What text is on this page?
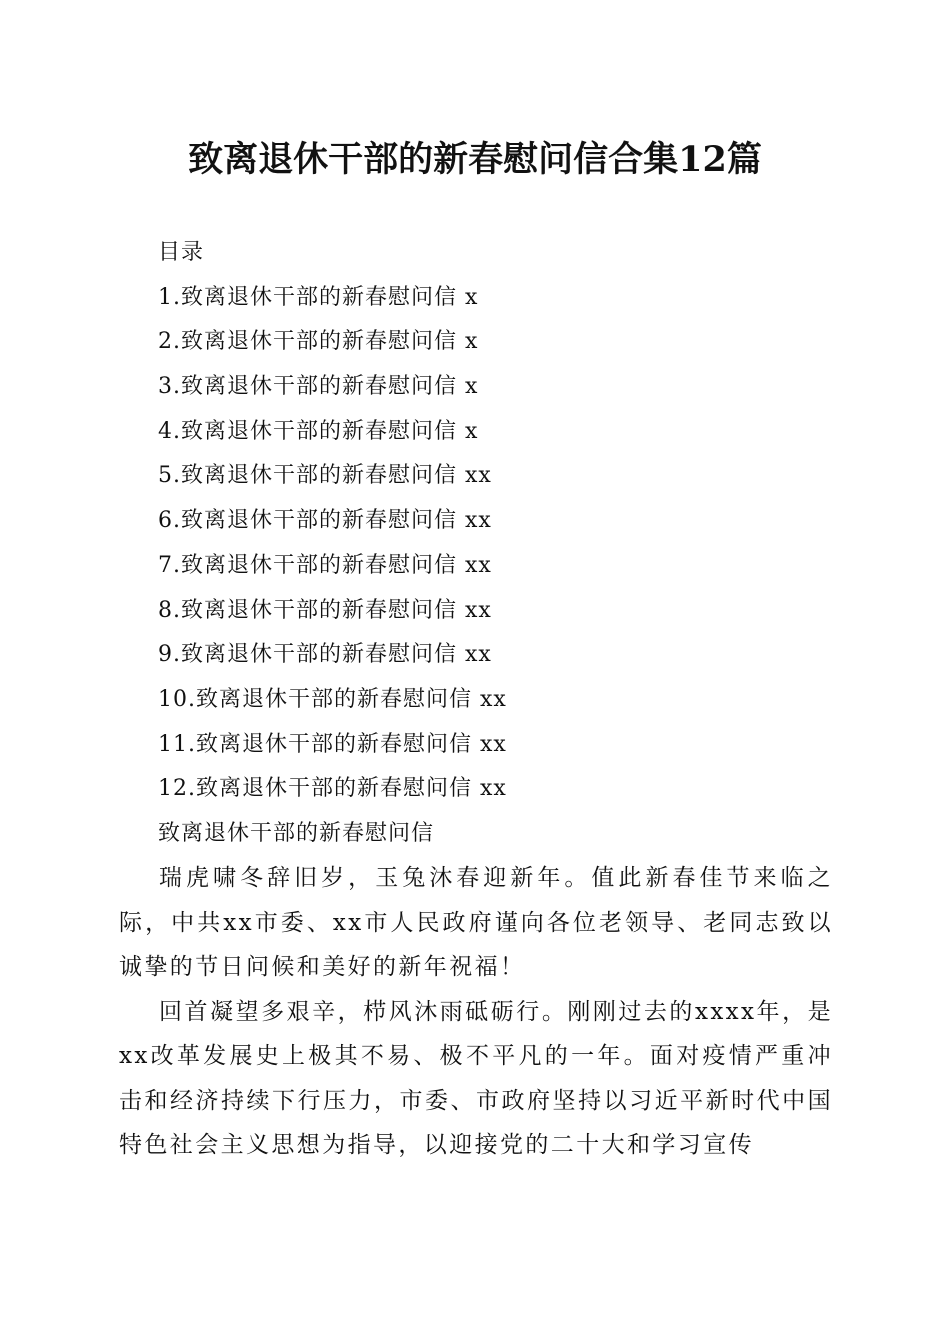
致离退休干部的新春慰问信合集12篇
目录
1.致离退休干部的新春慰问信 x
2.致离退休干部的新春慰问信 x
3.致离退休干部的新春慰问信 x
4.致离退休干部的新春慰问信 x
5.致离退休干部的新春慰问信 xx
6.致离退休干部的新春慰问信 xx
7.致离退休干部的新春慰问信 xx
8.致离退休干部的新春慰问信 xx
9.致离退休干部的新春慰问信 xx
10.致离退休干部的新春慰问信 xx
11.致离退休干部的新春慰问信 xx
12.致离退休干部的新春慰问信 xx
致离退休干部的新春慰问信

瑞虎啸冬辞旧岁，玉兔沐春迎新年。值此新春佳节来临之际，中共xx市委、xx市人民政府谨向各位老领导、老同志致以诚挚的节日问候和美好的新年祝福！

回首凝望多艰辛，栉风沐雨砥砺行。刚刚过去的xxxx年，是xx改革发展史上极其不易、极不平凡的一年。面对疫情严重冲击和经济持续下行压力，市委、市政府坚持以习近平新时代中国特色社会主义思想为指导，以迎接党的二十大和学习宣传
